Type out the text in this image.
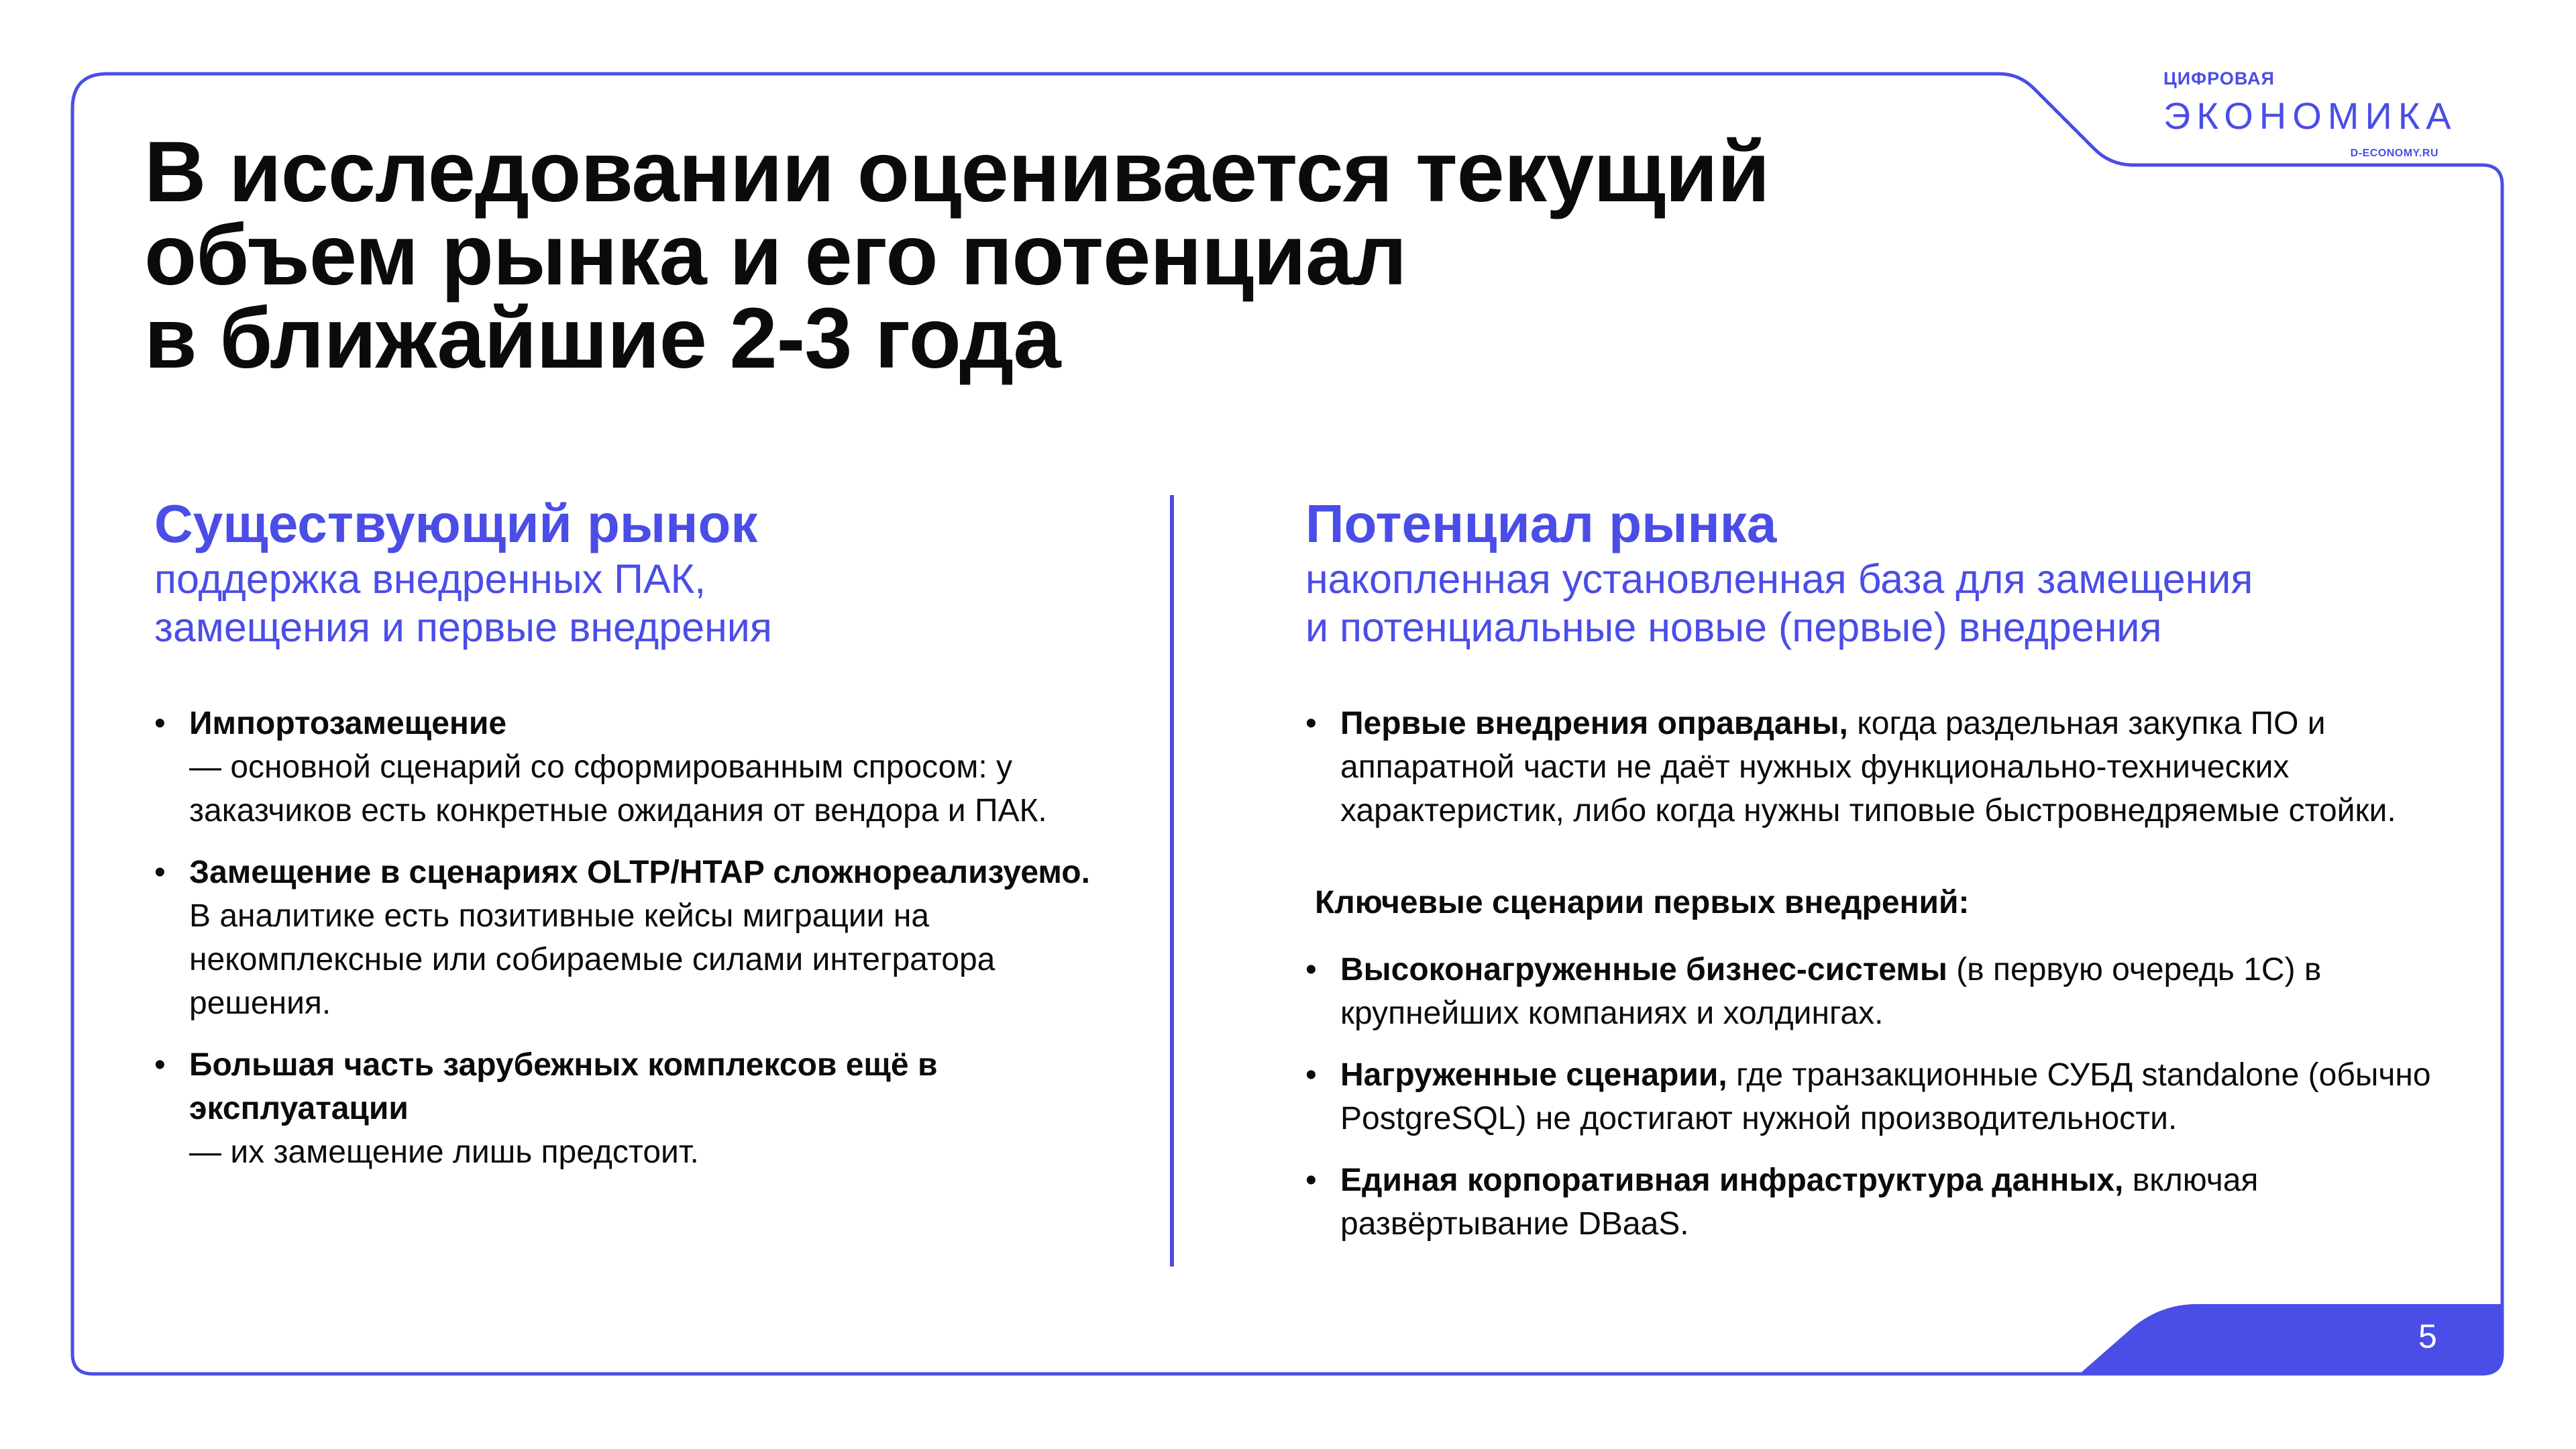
ЦИФРОВАЯ
ЭКОНОМИКА
D-ECONOMY.RU
В исследовании оценивается текущий
объем рынка и его потенциал
в ближайшие 2-3 года
Существующий рынок

поддержка внедренных ПАК,

замещения и первые внедрения

• Импортозамещение
— основной сценарий со сформированным спросом: у заказчиков есть конкретные ожидания от вендора и ПАК.
• Замещение в сценариях OLTP/HTAP сложнореализуемо.
В аналитике есть позитивные кейсы миграции на некомплексные или собираемые силами интегратора решения.
• Большая часть зарубежных комплексов ещё в эксплуатации
— их замещение лишь предстоит.
Потенциал рынка

накопленная установленная база для замещения

и потенциальные новые (первые) внедрения

• Первые внедрения оправданы, когда раздельная закупка ПО и аппаратной части не даёт нужных функционально-технических характеристик, либо когда нужны типовые быстровнедряемые стойки.
Ключевые сценарии первых внедрений:
• Высоконагруженные бизнес-системы (в первую очередь 1С) в крупнейших компаниях и холдингах.
• Нагруженные сценарии, где транзакционные СУБД standalone (обычно PostgreSQL) не достигают нужной производительности.
• Единая корпоративная инфраструктура данных, включая развёртывание DBaaS.
5
